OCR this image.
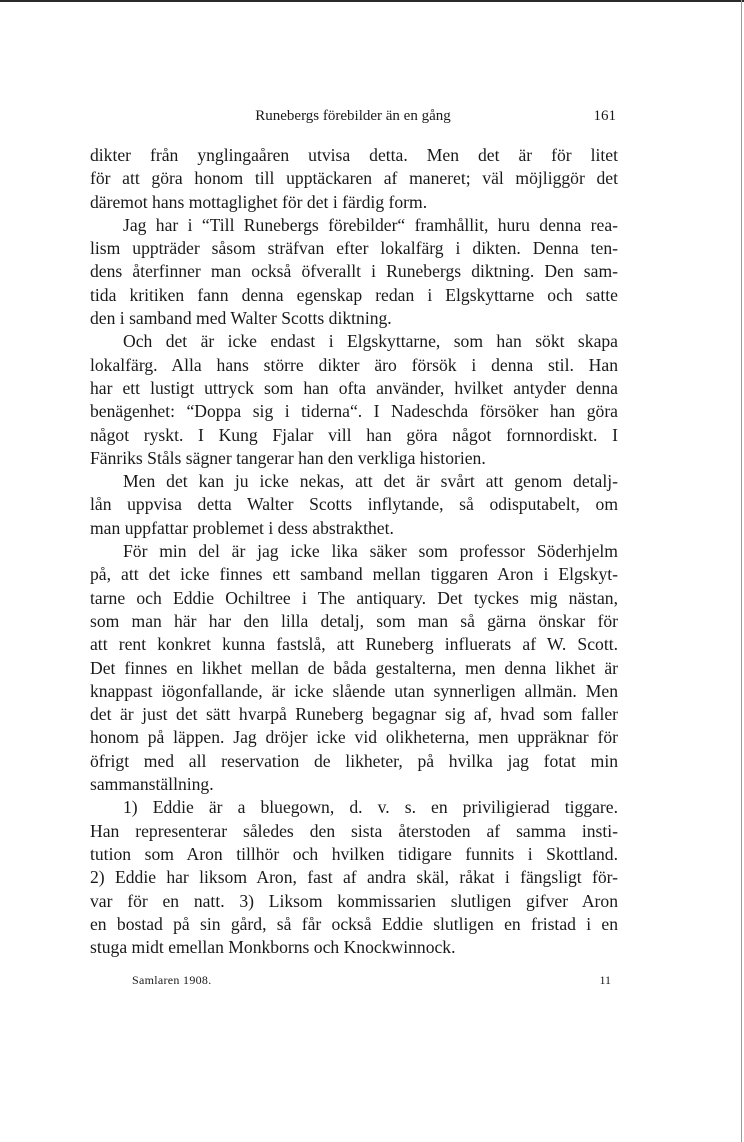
Runebergs förebilder än en gång	161
dikter från ynglingaåren utvisa detta. Men det är för litet
för att göra honom till upptäckaren af maneret; väl möjliggör det
däremot hans mottaglighet för det i färdig form.
Jag har i “Till Runebergs förebilder“ framhållit, huru denna rea-
lism uppträder såsom sträfvan efter lokalfärg i dikten. Denna ten-
dens återfinner man också öfverallt i Runebergs diktning. Den sam-
tida kritiken fann denna egenskap redan i Elgskyttarne och satte
den i samband med Walter Scotts diktning.
Och det är icke endast i Elgskyttarne, som han sökt skapa
lokalfärg. Alla hans större dikter äro försök i denna stil. Han
har ett lustigt uttryck som han ofta använder, hvilket antyder denna
benägenhet: “Doppa sig i tiderna“. I Nadeschda försöker han göra
något ryskt. I Kung Fjalar vill han göra något fornnordiskt. I
Fänriks Ståls sägner tangerar han den verkliga historien.
Men det kan ju icke nekas, att det är svårt att genom detalj-
lån uppvisa detta Walter Scotts inflytande, så odisputabelt, om
man uppfattar problemet i dess abstrakthet.
För min del är jag icke lika säker som professor Söderhjelm
på, att det icke finnes ett samband mellan tiggaren Aron i Elgskyt-
tarne och Eddie Ochiltree i The antiquary. Det tyckes mig nästan,
som man här har den lilla detalj, som man så gärna önskar för
att rent konkret kunna fastslå, att Runeberg influerats af W. Scott.
Det finnes en likhet mellan de båda gestalterna, men denna likhet är
knappast iögonfallande, är icke slående utan synnerligen allmän. Men
det är just det sätt hvarpå Runeberg begagnar sig af, hvad som faller
honom på läppen. Jag dröjer icke vid olikheterna, men uppräknar för
öfrigt med all reservation de likheter, på hvilka jag fotat min
sammanställning.
1) Eddie är a bluegown, d. v. s. en priviligierad tiggare.
Han representerar således den sista återstoden af samma insti-
tution som Aron tillhör och hvilken tidigare funnits i Skottland.
2) Eddie har liksom Aron, fast af andra skäl, råkat i fängsligt för-
var för en natt. 3) Liksom kommissarien slutligen gifver Aron
en bostad på sin gård, så får också Eddie slutligen en fristad i en
stuga midt emellan Monkborns och Knockwinnock.
Samlaren 1908.	11
